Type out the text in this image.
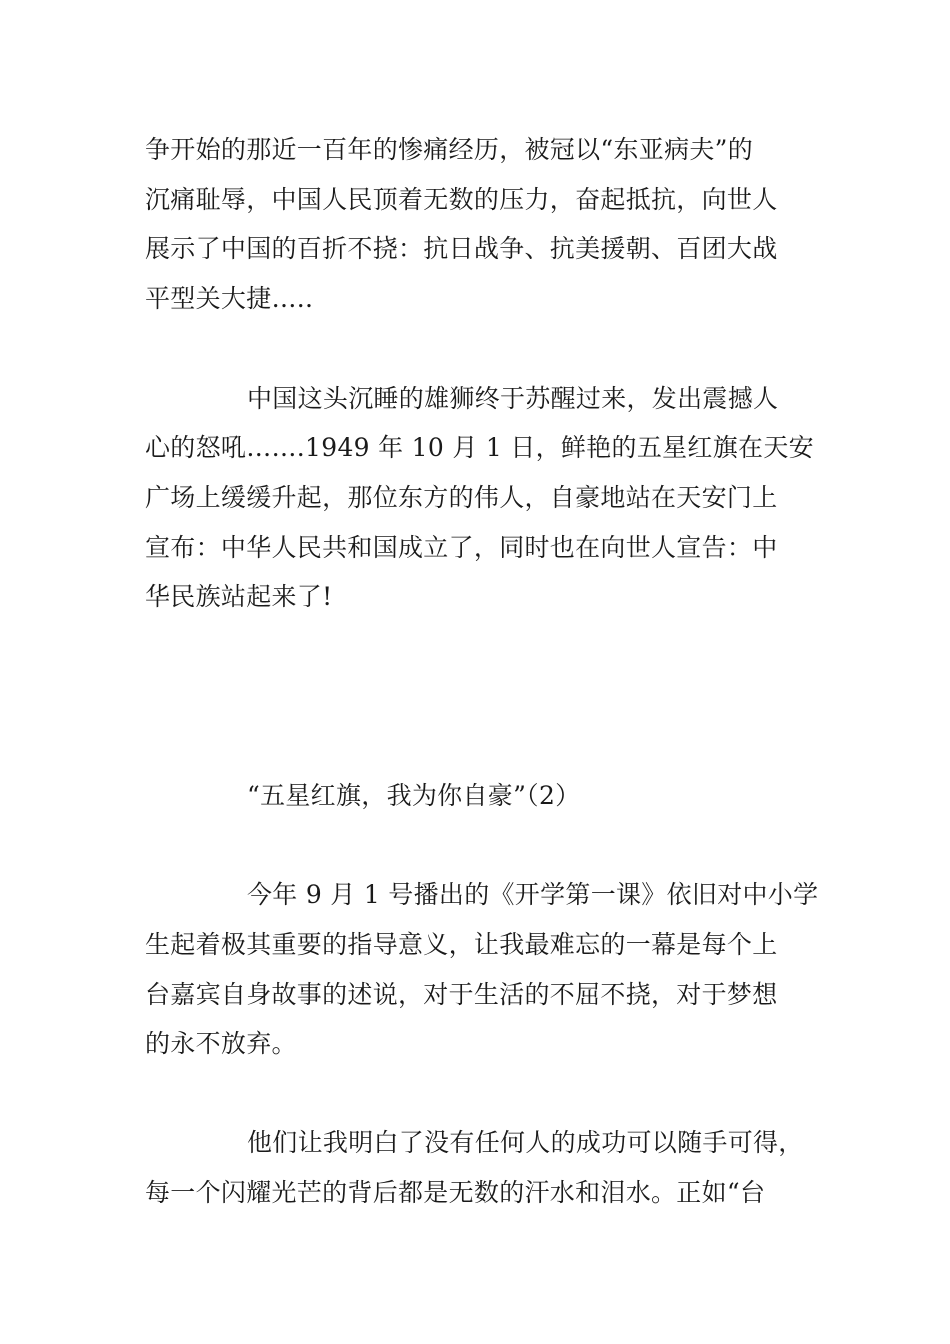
争开始的那近一百年的惨痛经历，被冠以“东亚病夫”的
沉痛耻辱，中国人民顶着无数的压力，奋起抵抗，向世人
展示了中国的百折不挠：抗日战争、抗美援朝、百团大战
平型关大捷…..
中国这头沉睡的雄狮终于苏醒过来，发出震撼人
心的怒吼…….1949 年 10 月 1 日，鲜艳的五星红旗在天安
广场上缓缓升起，那位东方的伟人，自豪地站在天安门上
宣布：中华人民共和国成立了，同时也在向世人宣告：中
华民族站起来了!
“五星红旗，我为你自豪”（2）
今年 9 月 1 号播出的《开学第一课》依旧对中小学
生起着极其重要的指导意义，让我最难忘的一幕是每个上
台嘉宾自身故事的述说，对于生活的不屈不挠，对于梦想
的永不放弃。
他们让我明白了没有任何人的成功可以随手可得，
每一个闪耀光芒的背后都是无数的汗水和泪水。正如“台
